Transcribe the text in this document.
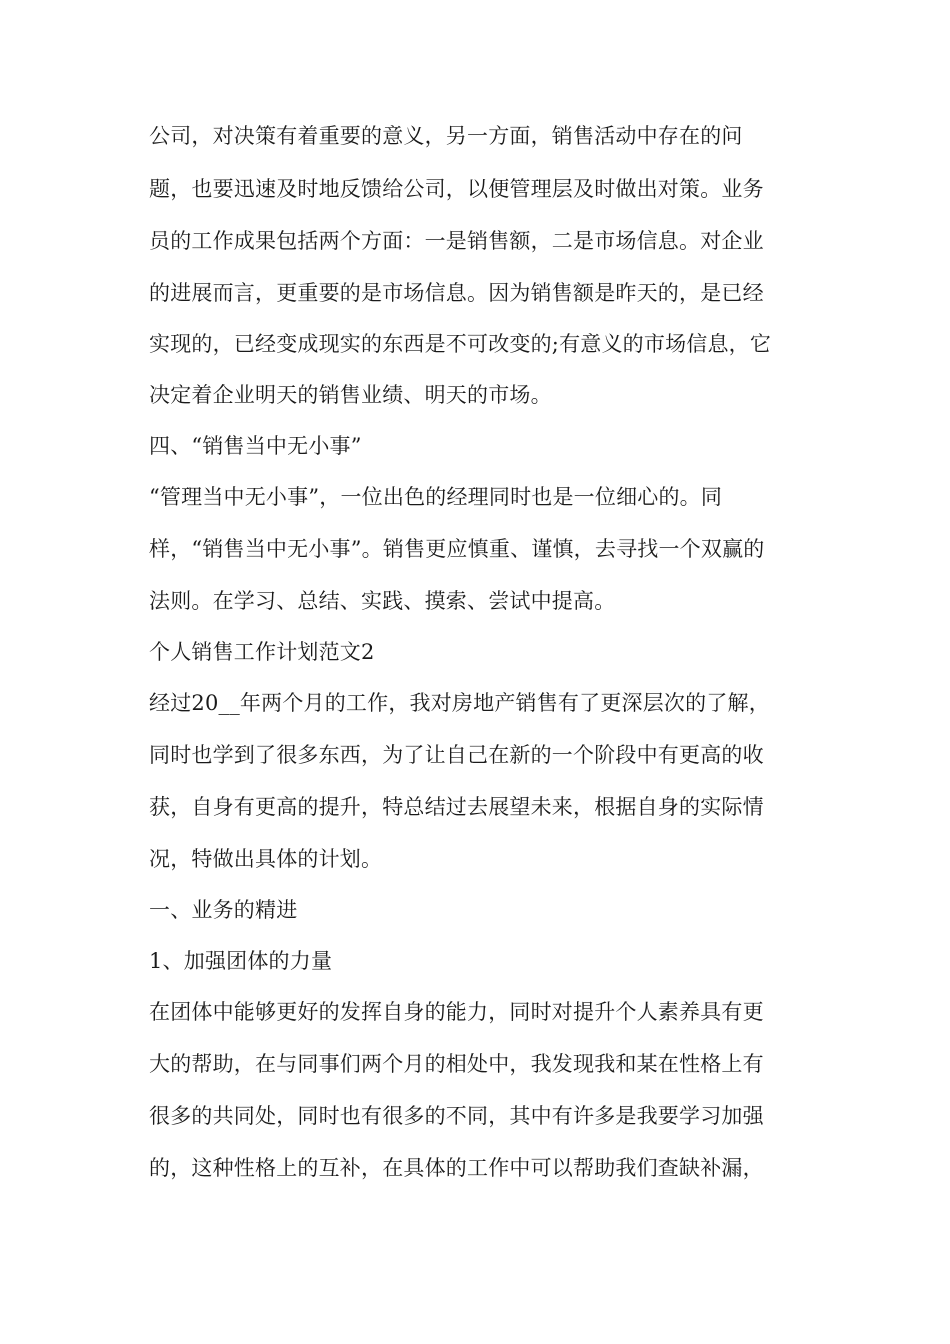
公司，对决策有着重要的意义，另一方面，销售活动中存在的问
题，也要迅速及时地反馈给公司，以便管理层及时做出对策。业务
员的工作成果包括两个方面：一是销售额，二是市场信息。对企业
的进展而言，更重要的是市场信息。因为销售额是昨天的，是已经
实现的，已经变成现实的东西是不可改变的;有意义的市场信息，它
决定着企业明天的销售业绩、明天的市场。
四、“销售当中无小事”
“管理当中无小事”，一位出色的经理同时也是一位细心的。同
样，“销售当中无小事”。销售更应慎重、谨慎，去寻找一个双赢的
法则。在学习、总结、实践、摸索、尝试中提高。
个人销售工作计划范文2
经过20__年两个月的工作，我对房地产销售有了更深层次的了解，
同时也学到了很多东西，为了让自己在新的一个阶段中有更高的收
获，自身有更高的提升，特总结过去展望未来，根据自身的实际情
况，特做出具体的计划。
一、业务的精进
1、加强团体的力量
在团体中能够更好的发挥自身的能力，同时对提升个人素养具有更
大的帮助，在与同事们两个月的相处中，我发现我和某在性格上有
很多的共同处，同时也有很多的不同，其中有许多是我要学习加强
的，这种性格上的互补，在具体的工作中可以帮助我们查缺补漏，
